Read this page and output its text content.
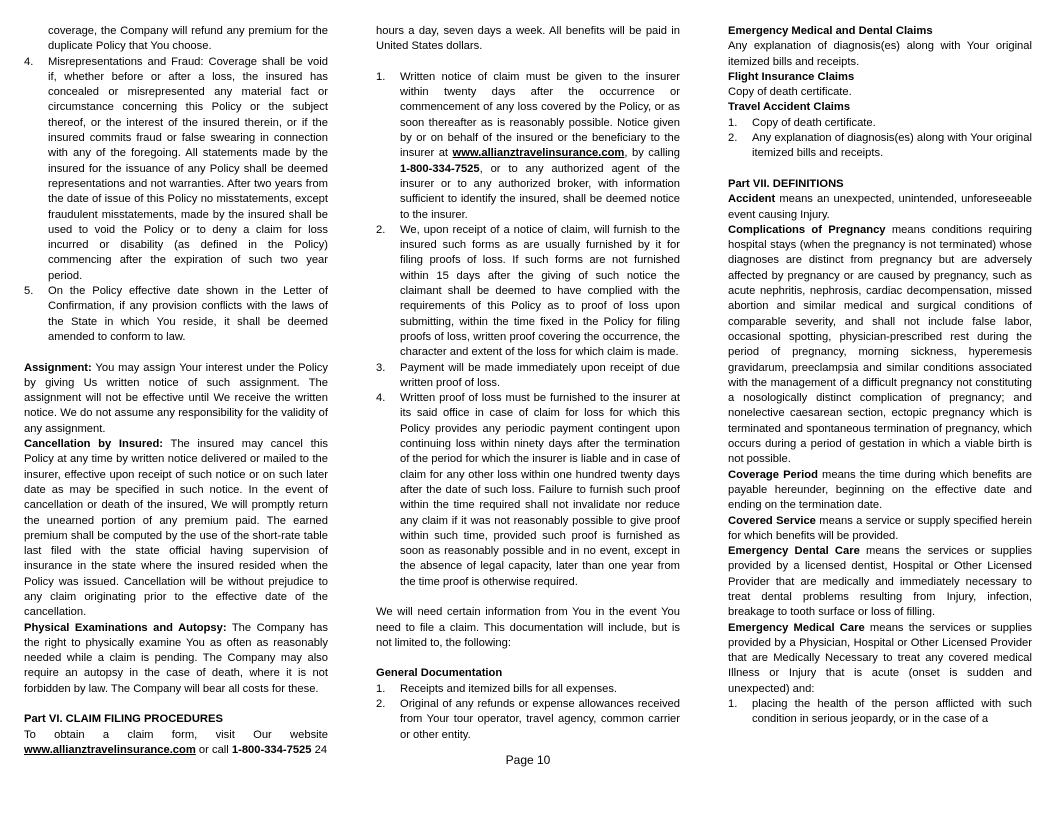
coverage, the Company will refund any premium for the duplicate Policy that You choose.

4. Misrepresentations and Fraud: Coverage shall be void if, whether before or after a loss, the insured has concealed or misrepresented any material fact or circumstance concerning this Policy or the subject thereof, or the interest of the insured therein, or if the insured commits fraud or false swearing in connection with any of the foregoing. All statements made by the insured for the issuance of any Policy shall be deemed representations and not warranties. After two years from the date of issue of this Policy no misstatements, except fraudulent misstatements, made by the insured shall be used to void the Policy or to deny a claim for loss incurred or disability (as defined in the Policy) commencing after the expiration of such two year period.
5. On the Policy effective date shown in the Letter of Confirmation, if any provision conflicts with the laws of the State in which You reside, it shall be deemed amended to conform to law.

Assignment: You may assign Your interest under the Policy by giving Us written notice of such assignment. The assignment will not be effective until We receive the written notice. We do not assume any responsibility for the validity of any assignment.

Cancellation by Insured: The insured may cancel this Policy at any time by written notice delivered or mailed to the insurer, effective upon receipt of such notice or on such later date as may be specified in such notice. In the event of cancellation or death of the insured, We will promptly return the unearned portion of any premium paid. The earned premium shall be computed by the use of the short-rate table last filed with the state official having supervision of insurance in the state where the insured resided when the Policy was issued. Cancellation will be without prejudice to any claim originating prior to the effective date of the cancellation.

Physical Examinations and Autopsy: The Company has the right to physically examine You as often as reasonably needed while a claim is pending. The Company may also require an autopsy in the case of death, where it is not forbidden by law. The Company will bear all costs for these.

Part VI. CLAIM FILING PROCEDURES

To obtain a claim form, visit Our website www.allianztravelinsurance.com or call 1-800-334-7525 24

hours a day, seven days a week. All benefits will be paid in United States dollars.

1. Written notice of claim must be given to the insurer within twenty days after the occurrence or commencement of any loss covered by the Policy, or as soon thereafter as is reasonably possible. Notice given by or on behalf of the insured or the beneficiary to the insurer at www.allianztravelinsurance.com, by calling 1-800-334-7525, or to any authorized agent of the insurer or to any authorized broker, with information sufficient to identify the insured, shall be deemed notice to the insurer.
2. We, upon receipt of a notice of claim, will furnish to the insured such forms as are usually furnished by it for filing proofs of loss. If such forms are not furnished within 15 days after the giving of such notice the claimant shall be deemed to have complied with the requirements of this Policy as to proof of loss upon submitting, within the time fixed in the Policy for filing proofs of loss, written proof covering the occurrence, the character and extent of the loss for which claim is made.
3. Payment will be made immediately upon receipt of due written proof of loss.
4. Written proof of loss must be furnished to the insurer at its said office in case of claim for loss for which this Policy provides any periodic payment contingent upon continuing loss within ninety days after the termination of the period for which the insurer is liable and in case of claim for any other loss within one hundred twenty days after the date of such loss. Failure to furnish such proof within the time required shall not invalidate nor reduce any claim if it was not reasonably possible to give proof within such time, provided such proof is furnished as soon as reasonably possible and in no event, except in the absence of legal capacity, later than one year from the time proof is otherwise required.

We will need certain information from You in the event You need to file a claim. This documentation will include, but is not limited to, the following:

General Documentation

1. Receipts and itemized bills for all expenses.
2. Original of any refunds or expense allowances received from Your tour operator, travel agency, common carrier or other entity.

Emergency Medical and Dental Claims

Any explanation of diagnosis(es) along with Your original itemized bills and receipts.

Flight Insurance Claims

Copy of death certificate.

Travel Accident Claims

1. Copy of death certificate.
2. Any explanation of diagnosis(es) along with Your original itemized bills and receipts.

Part VII. DEFINITIONS

Accident means an unexpected, unintended, unforeseeable event causing Injury.

Complications of Pregnancy means conditions requiring hospital stays (when the pregnancy is not terminated) whose diagnoses are distinct from pregnancy but are adversely affected by pregnancy or are caused by pregnancy, such as acute nephritis, nephrosis, cardiac decompensation, missed abortion and similar medical and surgical conditions of comparable severity, and shall not include false labor, occasional spotting, physician-prescribed rest during the period of pregnancy, morning sickness, hyperemesis gravidarum, preeclampsia and similar conditions associated with the management of a difficult pregnancy not constituting a nosologically distinct complication of pregnancy; and nonelective caesarean section, ectopic pregnancy which is terminated and spontaneous termination of pregnancy, which occurs during a period of gestation in which a viable birth is not possible.

Coverage Period means the time during which benefits are payable hereunder, beginning on the effective date and ending on the termination date.

Covered Service means a service or supply specified herein for which benefits will be provided.

Emergency Dental Care means the services or supplies provided by a licensed dentist, Hospital or Other Licensed Provider that are medically and immediately necessary to treat dental problems resulting from Injury, infection, breakage to tooth surface or loss of filling.

Emergency Medical Care means the services or supplies provided by a Physician, Hospital or Other Licensed Provider that are Medically Necessary to treat any covered medical Illness or Injury that is acute (onset is sudden and unexpected) and:

1. placing the health of the person afflicted with such condition in serious jeopardy, or in the case of a
Page 10
